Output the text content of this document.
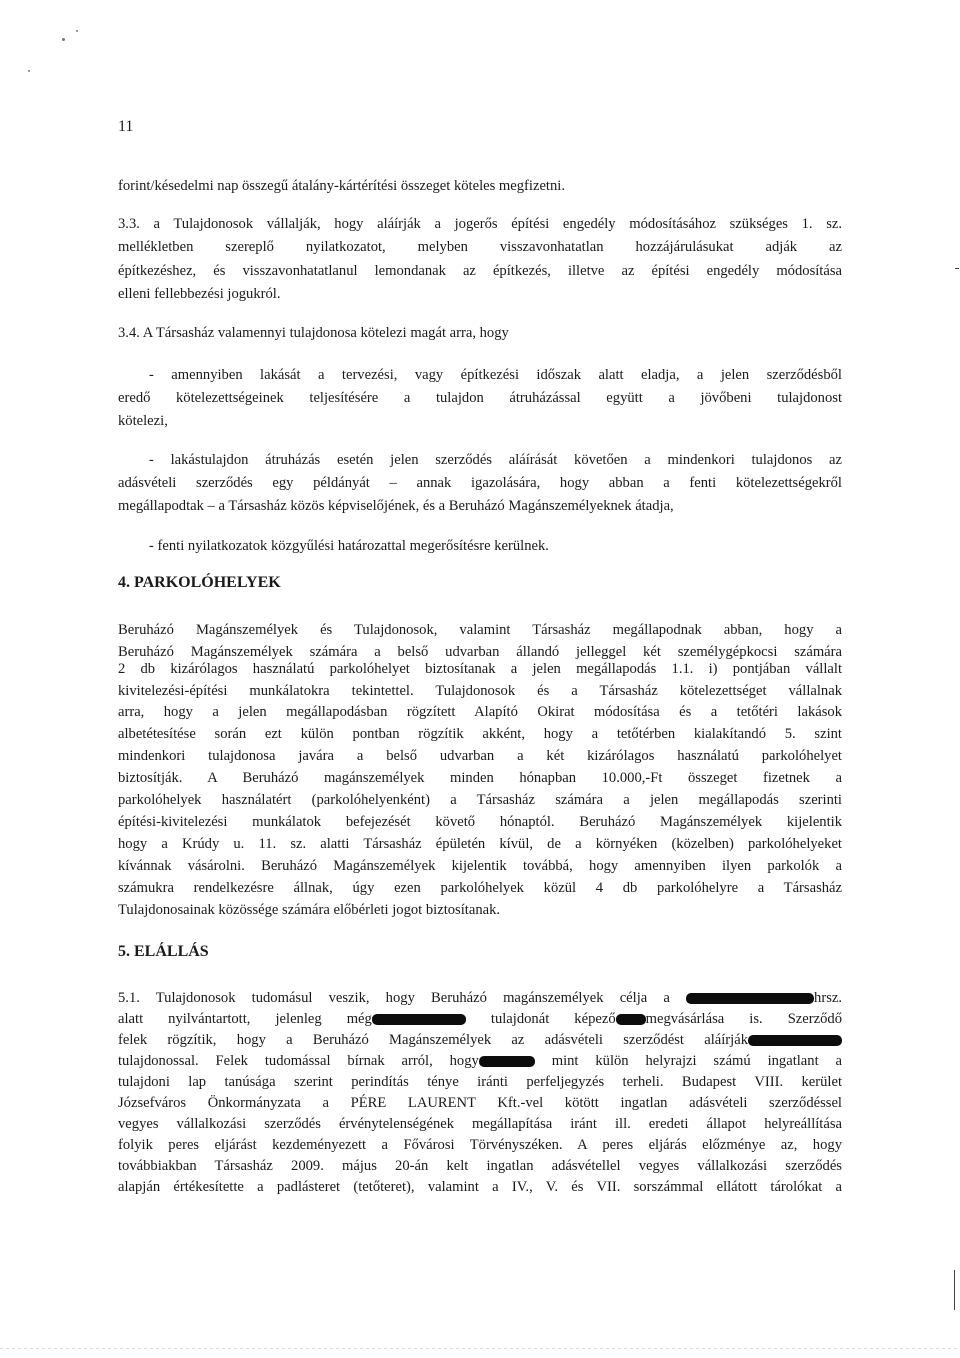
11
forint/késedelmi nap összegű átalány-kártérítési összeget köteles megfizetni.
3.3. a Tulajdonosok vállalják, hogy aláírják a jogerős építési engedély módosításához szükséges 1. sz.
mellékletben szereplő nyilatkozatot, melyben visszavonhatatlan hozzájárulásukat adják az
építkezéshez, és visszavonhatatlanul lemondanak az építkezés, illetve az építési engedély módosítása
elleni fellebbezési jogukról.
3.4. A Társasház valamennyi tulajdonosa kötelezi magát arra, hogy
- amennyiben lakását a tervezési, vagy építkezési időszak alatt eladja, a jelen szerződésből
eredő kötelezettségeinek teljesítésére a tulajdon átruházással együtt a jövőbeni tulajdonost
kötelezi,
- lakástulajdon átruházás esetén jelen szerződés aláírását követően a mindenkori tulajdonos az
adásvételi szerződés egy példányát – annak igazolására, hogy abban a fenti kötelezettségekről
megállapodtak – a Társasház közös képviselőjének, és a Beruházó Magánszemélyeknek átadja,
- fenti nyilatkozatok közgyűlési határozattal megerősítésre kerülnek.
4. PARKOLÓHELYEK
Beruházó Magánszemélyek és Tulajdonosok, valamint Társasház megállapodnak abban, hogy a
Beruházó Magánszemélyek számára a belső udvarban állandó jelleggel két személygépkocsi számára
2 db kizárólagos használatú parkolóhelyet biztosítanak a jelen megállapodás 1.1. i) pontjában vállalt
kivitelezési-építési munkálatokra tekintettel. Tulajdonosok és a Társasház kötelezettséget vállalnak
arra, hogy a jelen megállapodásban rögzített Alapító Okirat módosítása és a tetőtéri lakások
albetétesítése során ezt külön pontban rögzítik akként, hogy a tetőtérben kialakítandó 5. szint
mindenkori tulajdonosa javára a belső udvarban a két kizárólagos használatú parkolóhelyet
biztosítják. A Beruházó magánszemélyek minden hónapban 10.000,-Ft összeget fizetnek a
parkolóhelyek használatért (parkolóhelyenként) a Társasház számára a jelen megállapodás szerinti
építési-kivitelezési munkálatok befejezését követő hónaptól. Beruházó Magánszemélyek kijelentik
hogy a Krúdy u. 11. sz. alatti Társasház épületén kívül, de a környéken (közelben) parkolóhelyeket
kívánnak vásárolni. Beruházó Magánszemélyek kijelentik továbbá, hogy amennyiben ilyen parkolók a
számukra rendelkezésre állnak, úgy ezen parkolóhelyek közül 4 db parkolóhelyre a Társasház
Tulajdonosainak közössége számára előbérleti jogot biztosítanak.
5. ELÁLLÁS
5.1. Tulajdonosok tudomásul veszik, hogy Beruházó magánszemélyek célja a	hrsz.
alatt nyilvántartott, jelenleg még	tulajdonát képező megvásárlása is. Szerződő
felek rögzítik, hogy a Beruházó Magánszemélyek az adásvételi szerződést aláírják
tulajdonossal. Felek tudomással bírnak arról, hogy	mint külön helyrajzi számú ingatlant a
tulajdoni lap tanúsága szerint perindítás ténye iránti perfeljegyzés terheli. Budapest VIII. kerület
Józsefváros Önkormányzata a PÉRE LAURENT Kft.-vel kötött ingatlan adásvételi szerződéssel
vegyes vállalkozási szerződés érvénytelenségének megállapítása iránt ill. eredeti állapot helyreállítása
folyik peres eljárást kezdeményezett a Fővárosi Törvényszéken. A peres eljárás előzménye az, hogy
továbbiakban Társasház 2009. május 20-án kelt ingatlan adásvétellel vegyes vállalkozási szerződés
alapján értékesítette a padlásteret (tetőteret), valamint a IV., V. és VII. sorszámmal ellátott tárolókat a
